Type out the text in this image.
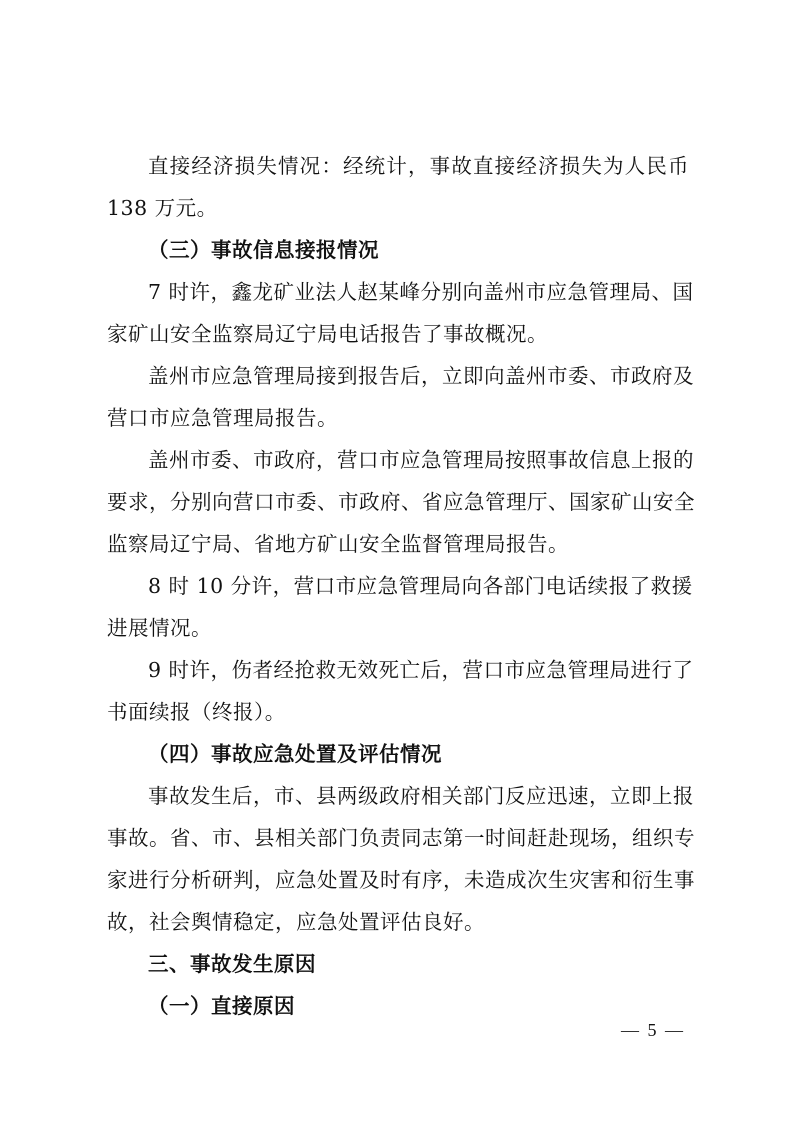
直接经济损失情况：经统计，事故直接经济损失为人民币
138 万元。
（三）事故信息接报情况
7 时许，鑫龙矿业法人赵某峰分别向盖州市应急管理局、国
家矿山安全监察局辽宁局电话报告了事故概况。
盖州市应急管理局接到报告后，立即向盖州市委、市政府及
营口市应急管理局报告。
盖州市委、市政府，营口市应急管理局按照事故信息上报的
要求，分别向营口市委、市政府、省应急管理厅、国家矿山安全
监察局辽宁局、省地方矿山安全监督管理局报告。
8 时 10 分许，营口市应急管理局向各部门电话续报了救援
进展情况。
9 时许，伤者经抢救无效死亡后，营口市应急管理局进行了
书面续报（终报）。
（四）事故应急处置及评估情况
事故发生后，市、县两级政府相关部门反应迅速，立即上报
事故。省、市、县相关部门负责同志第一时间赶赴现场，组织专
家进行分析研判，应急处置及时有序，未造成次生灾害和衍生事
故，社会舆情稳定，应急处置评估良好。
三、事故发生原因
（一）直接原因
— 5 —
